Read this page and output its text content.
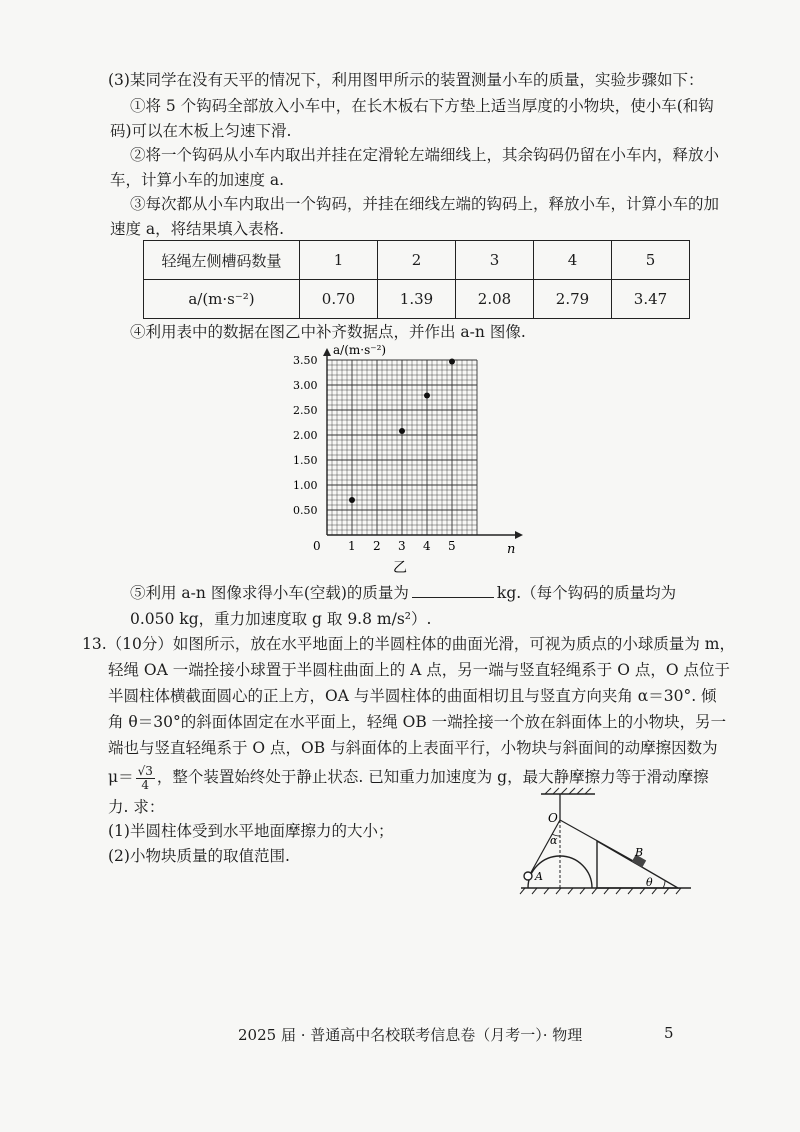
(3)某同学在没有天平的情况下，利用图甲所示的装置测量小车的质量，实验步骤如下：
①将 5 个钩码全部放入小车中，在长木板右下方垫上适当厚度的小物块，使小车(和钩
码)可以在木板上匀速下滑.
②将一个钩码从小车内取出并挂在定滑轮左端细线上，其余钩码仍留在小车内，释放小
车，计算小车的加速度 a.
③每次都从小车内取出一个钩码，并挂在细线左端的钩码上，释放小车，计算小车的加
速度 a，将结果填入表格.
轻绳左侧槽码数量	1	2	3	4	5
a/(m·s⁻²)	0.70	1.39	2.08	2.79	3.47
④利用表中的数据在图乙中补齐数据点，并作出 a-n 图像.
a/(m·s⁻²)
n
0 1 2 3 4 5
0.50
1.00
1.50
2.00
2.50
3.00
3.50
乙
⑤利用 a-n 图像求得小车(空载)的质量为	kg.（每个钩码的质量均为
0.050 kg，重力加速度取 g 取 9.8 m/s²）.
13.（10分）如图所示，放在水平地面上的半圆柱体的曲面光滑，可视为质点的小球质量为 m，
轻绳 OA 一端拴接小球置于半圆柱曲面上的 A 点，另一端与竖直轻绳系于 O 点，O 点位于
半圆柱体横截面圆心的正上方，OA 与半圆柱体的曲面相切且与竖直方向夹角 α＝30°. 倾
角 θ＝30°的斜面体固定在水平面上，轻绳 OB 一端拴接一个放在斜面体上的小物块，另一
端也与竖直轻绳系于 O 点，OB 与斜面体的上表面平行，小物块与斜面间的动摩擦因数为
$\mu= \frac{√3}{4}$ ，整个装置始终处于静止状态. 已知重力加速度为 g，最大静摩擦力等于滑动摩擦
力. 求：
(1)半圆柱体受到水平地面摩擦力的大小；
(2)小物块质量的取值范围.
O
α
A
B
θ
2025 届 · 普通高中名校联考信息卷（月考一）· 物理	5
